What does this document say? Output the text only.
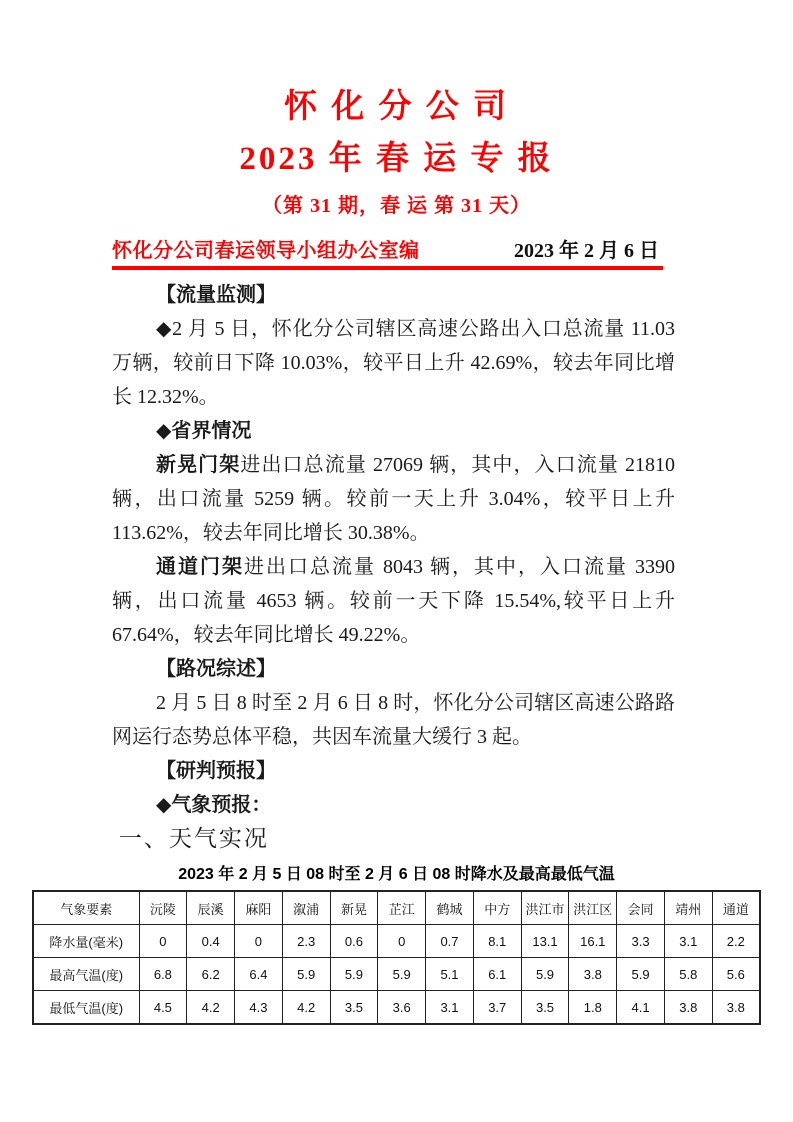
怀 化 分 公 司
2023 年 春 运 专 报
（第 31 期，春 运 第 31 天）
怀化分公司春运领导小组办公室编	2023 年 2 月 6 日
【流量监测】

◆2 月 5 日，怀化分公司辖区高速公路出入口总流量 11.03 万辆，较前日下降 10.03%，较平日上升 42.69%，较去年同比增长 12.32%。

◆省界情况

新晃门架进出口总流量 27069 辆，其中，入口流量 21810 辆，出口流量 5259 辆。较前一天上升 3.04%，较平日上升 113.62%，较去年同比增长 30.38%。

通道门架进出口总流量 8043 辆，其中，入口流量 3390 辆，出口流量 4653 辆。较前一天下降 15.54%,较平日上升 67.64%，较去年同比增长 49.22%。

【路况综述】

2 月 5 日 8 时至 2 月 6 日 8 时，怀化分公司辖区高速公路路网运行态势总体平稳，共因车流量大缓行 3 起。

【研判预报】
◆气象预报：
一、天气实况
2023 年 2 月 5 日 08 时至 2 月 6 日 08 时降水及最高最低气温
气象要素	沅陵	辰溪	麻阳	溆浦	新晃	芷江	鹤城	中方	洪江市	洪江区	会同	靖州	通道
降水量(毫米)	0	0.4	0	2.3	0.6	0	0.7	8.1	13.1	16.1	3.3	3.1	2.2
最高气温(度)	6.8	6.2	6.4	5.9	5.9	5.9	5.1	6.1	5.9	3.8	5.9	5.8	5.6
最低气温(度)	4.5	4.2	4.3	4.2	3.5	3.6	3.1	3.7	3.5	1.8	4.1	3.8	3.8
